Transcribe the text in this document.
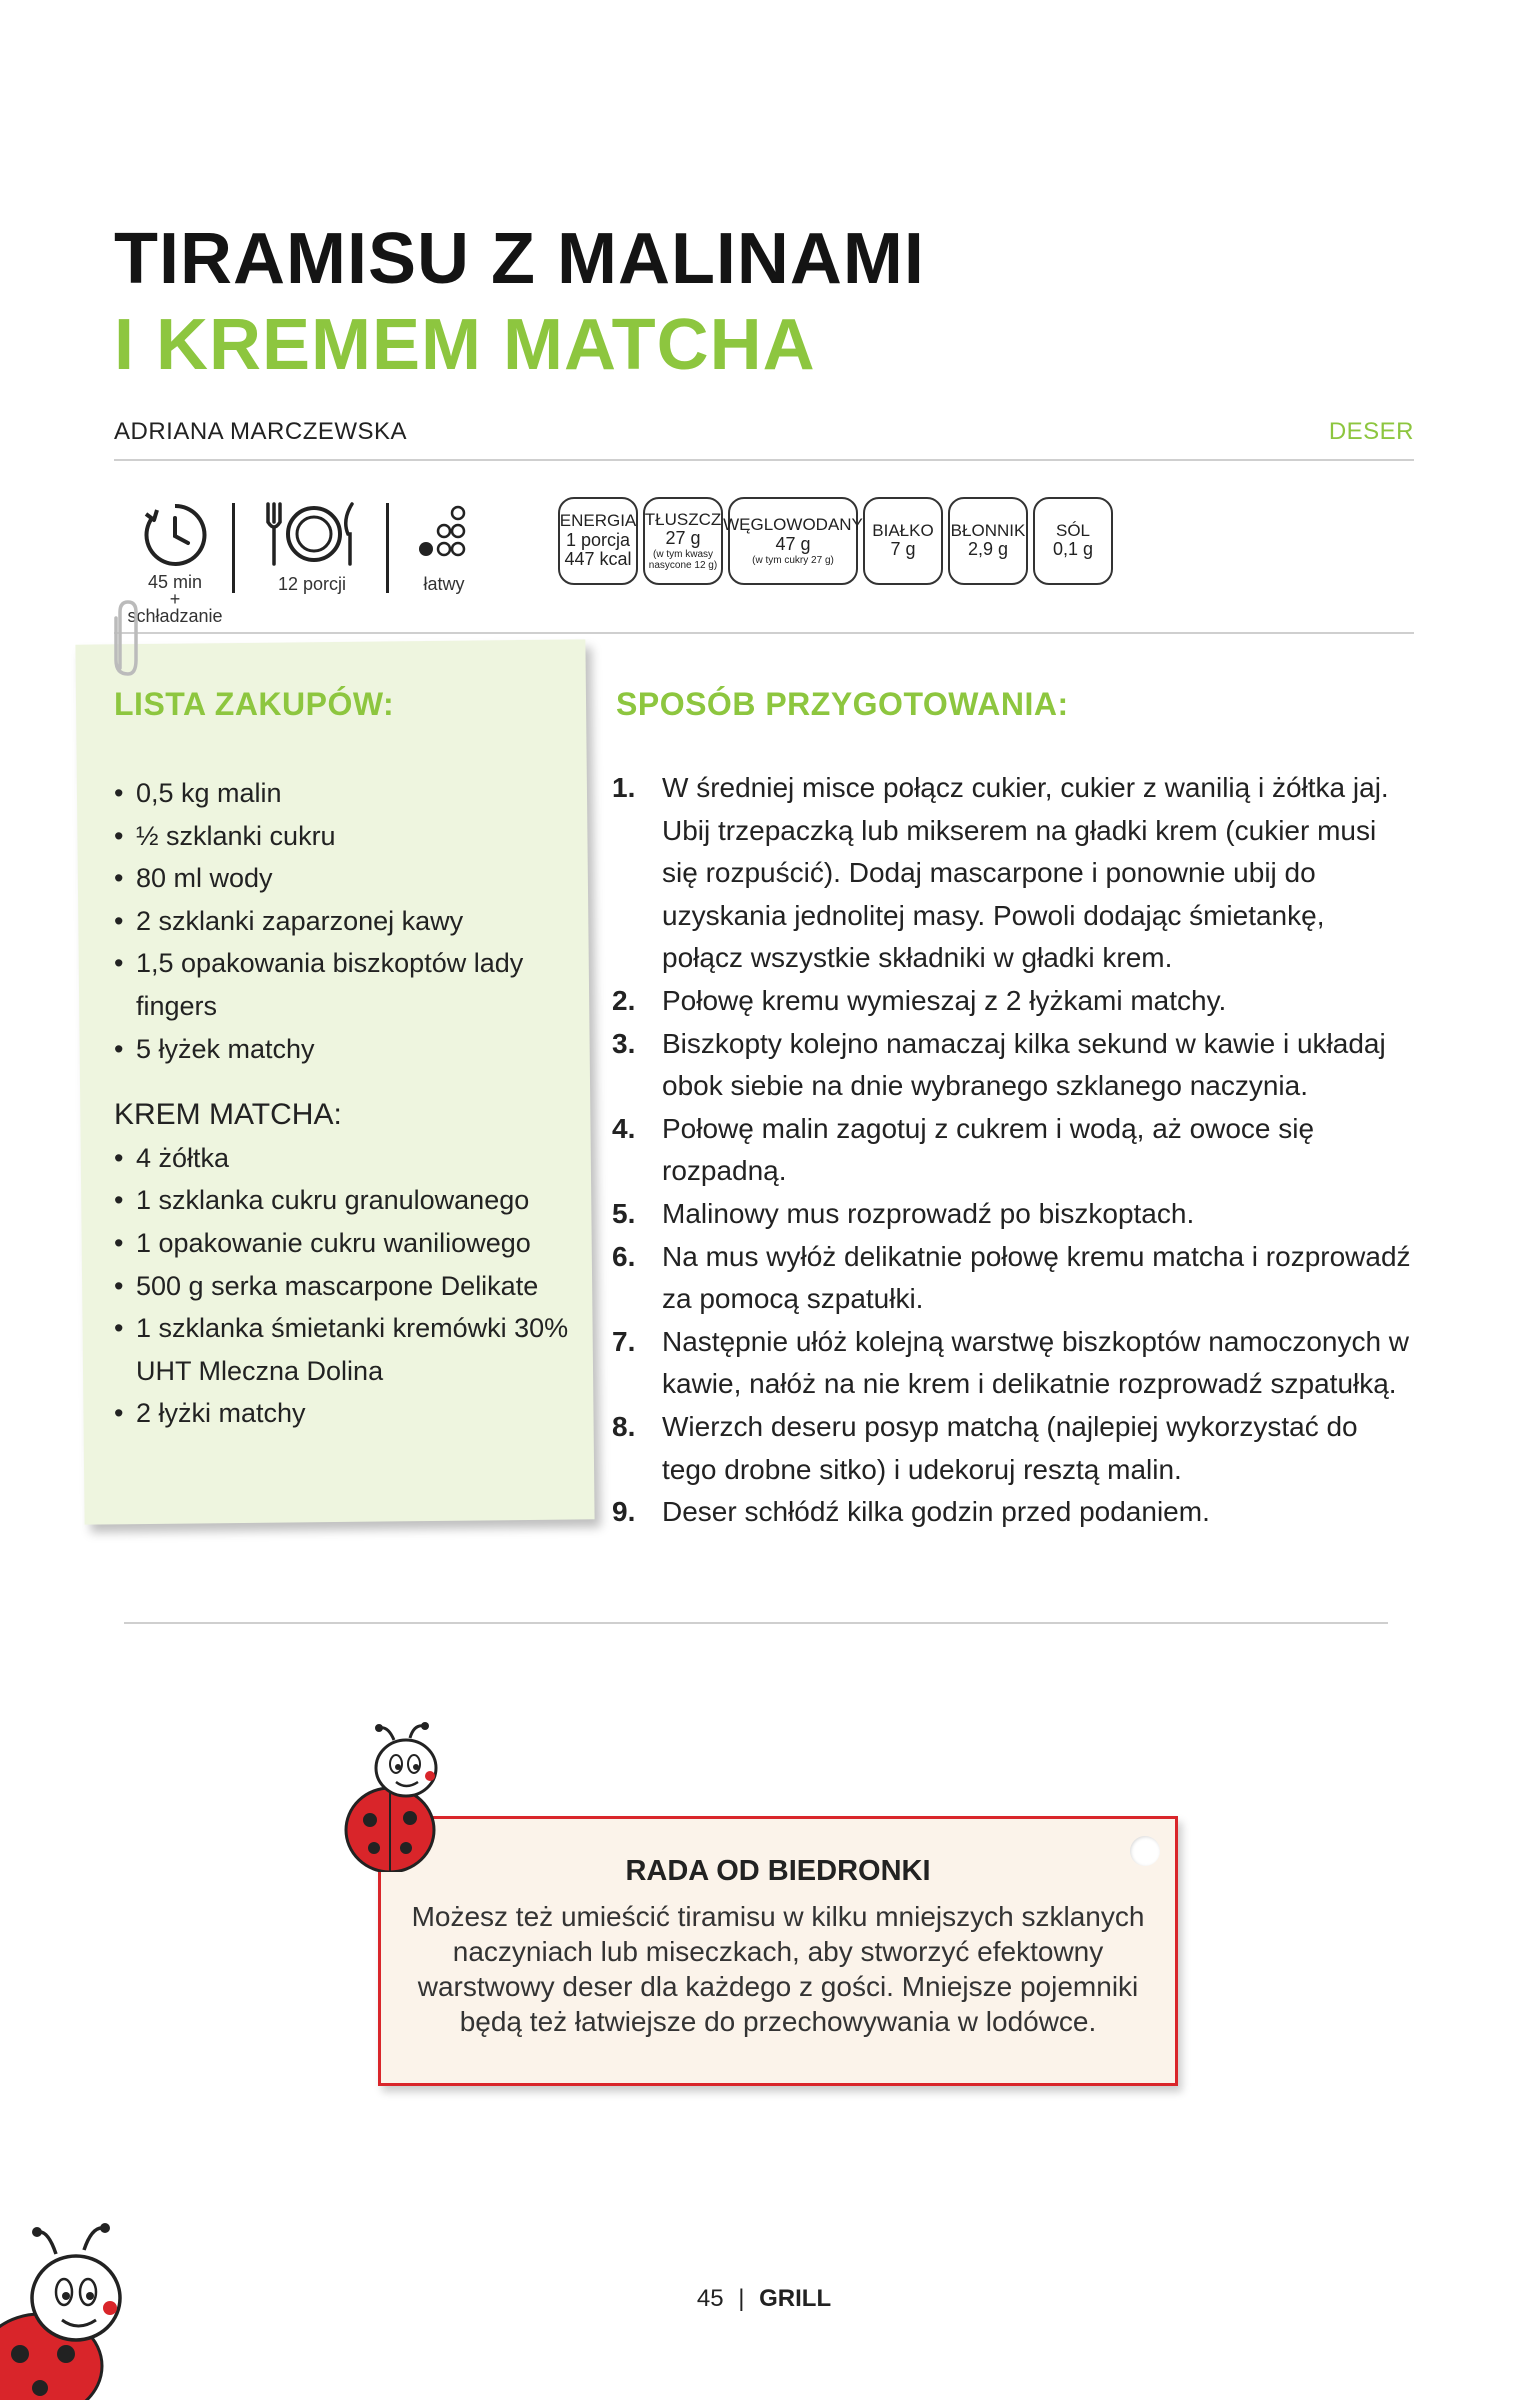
TIRAMISU Z MALINAMI
I KREMEM MATCHA
ADRIANA MARCZEWSKA	DESER
45 min
+ schładzanie
12 porcji	łatwy
ENERGIA
1 porcja
447 kcal
TŁUSZCZ
27 g
(w tym kwasy nasycone 12 g)
WĘGLOWODANY
47 g
(w tym cukry 27 g)
BIAŁKO
7 g
BŁONNIK
2,9 g
SÓL
0,1 g
LISTA ZAKUPÓW:
• 0,5 kg malin
• ½ szklanki cukru
• 80 ml wody
• 2 szklanki zaparzonej kawy
• 1,5 opakowania biszkoptów lady fingers
• 5 łyżek matchy
KREM MATCHA:
• 4 żółtka
• 1 szklanka cukru granulowanego
• 1 opakowanie cukru waniliowego
• 500 g serka mascarpone Delikate
• 1 szklanka śmietanki kremówki 30% UHT Mleczna Dolina
• 2 łyżki matchy
SPOSÓB PRZYGOTOWANIA:
1. W średniej misce połącz cukier, cukier z wanilią i żółtka jaj. Ubij trzepaczką lub mikserem na gładki krem (cukier musi się rozpuścić). Dodaj mascarpone i ponownie ubij do uzyskania jednolitej masy. Powoli dodając śmietankę, połącz wszystkie składniki w gładki krem.
2. Połowę kremu wymieszaj z 2 łyżkami matchy.
3. Biszkopty kolejno namaczaj kilka sekund w kawie i układaj obok siebie na dnie wybranego szklanego naczynia.
4. Połowę malin zagotuj z cukrem i wodą, aż owoce się rozpadną.
5. Malinowy mus rozprowadź po biszkoptach.
6. Na mus wyłóż delikatnie połowę kremu matcha i rozprowadź za pomocą szpatułki.
7. Następnie ułóż kolejną warstwę biszkoptów namoczonych w kawie, nałóż na nie krem i delikatnie rozprowadź szpatułką.
8. Wierzch deseru posyp matchą (najlepiej wykorzystać do tego drobne sitko) i udekoruj resztą malin.
9. Deser schłódź kilka godzin przed podaniem.
RADA OD BIEDRONKI
Możesz też umieścić tiramisu w kilku mniejszych szklanych naczyniach lub miseczkach, aby stworzyć efektowny warstwowy deser dla każdego z gości. Mniejsze pojemniki będą też łatwiejsze do przechowywania w lodówce.
45 | GRILL
